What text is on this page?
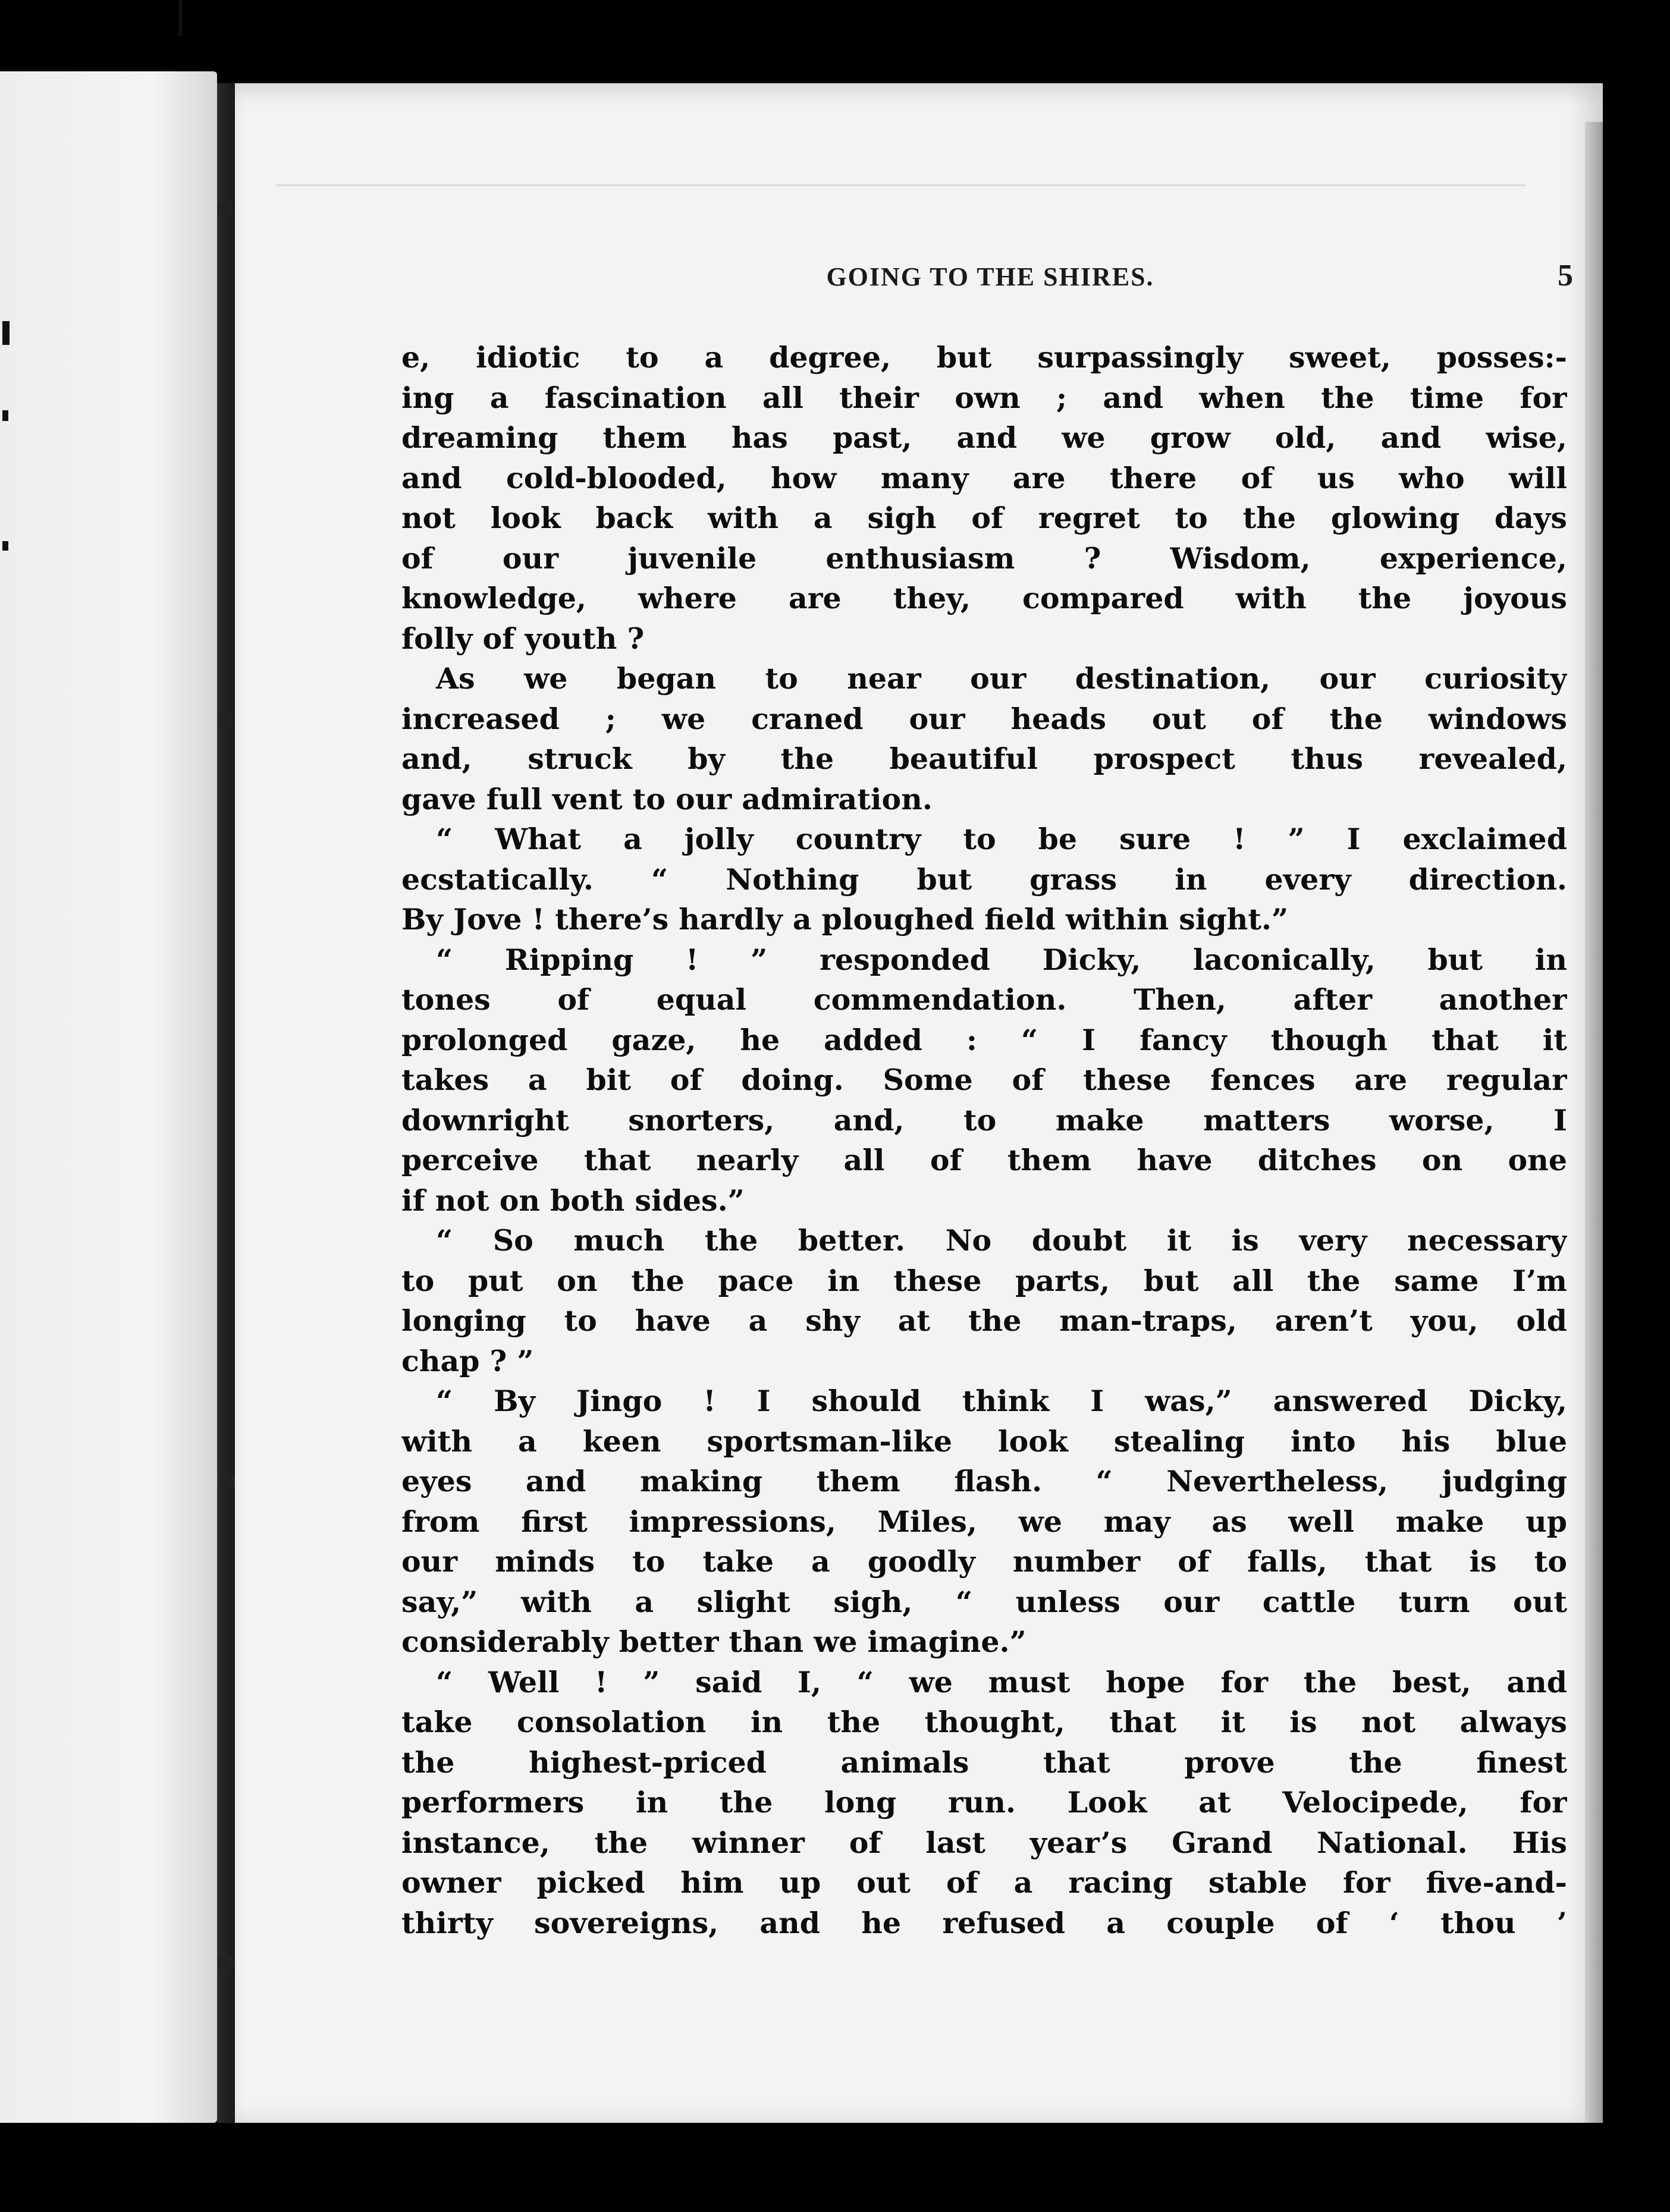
GOING TO THE SHIRES.	5
e, idiotic to a degree, but surpassingly sweet, posses:-
ing a fascination all their own ; and when the time for
dreaming them has past, and we grow old, and wise,
and cold-blooded, how many are there of us who will
not look back with a sigh of regret to the glowing days
of our juvenile enthusiasm ? Wisdom, experience,
knowledge, where are they, compared with the joyous
folly of youth ?
As we began to near our destination, our curiosity
increased ; we craned our heads out of the windows
and, struck by the beautiful prospect thus revealed,
gave full vent to our admiration.
“ What a jolly country to be sure ! ” I exclaimed
ecstatically. “ Nothing but grass in every direction.
By Jove ! there’s hardly a ploughed field within sight.”
“ Ripping ! ” responded Dicky, laconically, but in
tones of equal commendation. Then, after another
prolonged gaze, he added : “ I fancy though that it
takes a bit of doing. Some of these fences are regular
downright snorters, and, to make matters worse, I
perceive that nearly all of them have ditches on one
if not on both sides.”
“ So much the better. No doubt it is very necessary
to put on the pace in these parts, but all the same I’m
longing to have a shy at the man-traps, aren’t you, old
chap ? ”
“ By Jingo ! I should think I was,” answered Dicky,
with a keen sportsman-like look stealing into his blue
eyes and making them flash. “ Nevertheless, judging
from first impressions, Miles, we may as well make up
our minds to take a goodly number of falls, that is to
say,” with a slight sigh, “ unless our cattle turn out
considerably better than we imagine.”
“ Well ! ” said I, “ we must hope for the best, and
take consolation in the thought, that it is not always
the highest-priced animals that prove the finest
performers in the long run. Look at Velocipede, for
instance, the winner of last year’s Grand National. His
owner picked him up out of a racing stable for five-and-
thirty sovereigns, and he refused a couple of ‘ thou ’
